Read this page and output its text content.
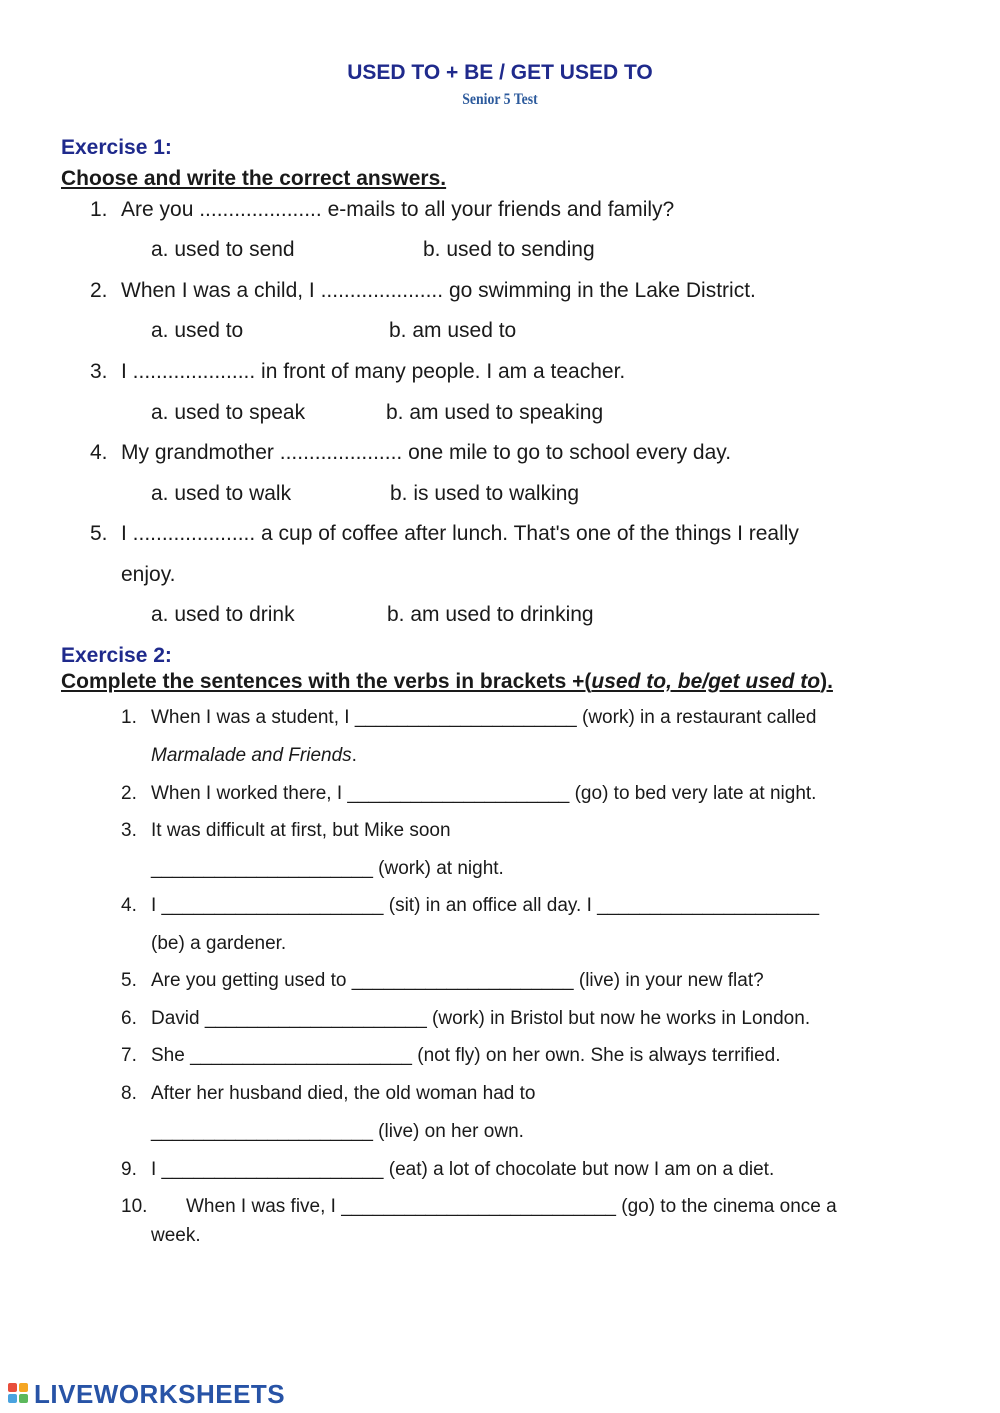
USED TO + BE / GET USED TO
Senior 5 Test
Exercise 1:
Choose and write the correct answers.
1. Are you ..................... e-mails to all your friends and family?
a. used to send	b. used to sending
2. When I was a child, I ..................... go swimming in the Lake District.
a. used to	b. am used to
3. I ..................... in front of many people. I am a teacher.
a. used to speak	b. am used to speaking
4. My grandmother ..................... one mile to go to school every day.
a. used to walk	b. is used to walking
5. I ..................... a cup of coffee after lunch. That's one of the things I really
enjoy.
a. used to drink	b. am used to drinking
Exercise 2:
Complete the sentences with the verbs in brackets +(used to, be/get used to).
1. When I was a student, I _____________________ (work) in a restaurant called
Marmalade and Friends.
2. When I worked there, I _____________________ (go) to bed very late at night.
3. It was difficult at first, but Mike soon
_____________________ (work) at night.
4. I _____________________ (sit) in an office all day. I _____________________
(be) a gardener.
5. Are you getting used to _____________________ (live) in your new flat?
6. David _____________________ (work) in Bristol but now he works in London.
7. She _____________________ (not fly) on her own. She is always terrified.
8. After her husband died, the old woman had to
_____________________ (live) on her own.
9. I _____________________ (eat) a lot of chocolate but now I am on a diet.
10. When I was five, I __________________________ (go) to the cinema once a
week.
LIVEWORKSHEETS
